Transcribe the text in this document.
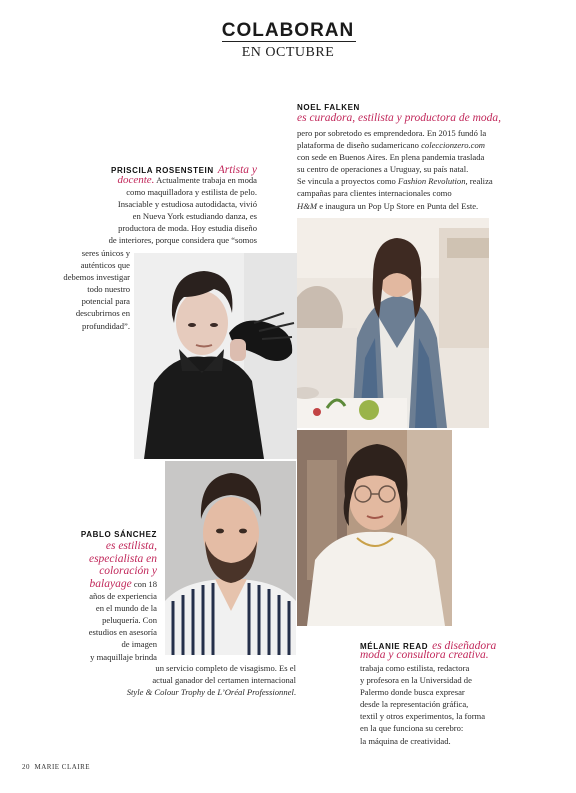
COLABORAN
EN OCTUBRE
NOEL FALKEN
es curadora, estilista y productora de moda,
pero por sobretodo es emprendedora. En 2015 fundó la
plataforma de diseño sudamericano coleccionzero.com
con sede en Buenos Aires. En plena pandemia traslada
su centro de operaciones a Uruguay, su país natal.
Se vincula a proyectos como Fashion Revolution, realiza
campañas para clientes internacionales como
H&M e inaugura un Pop Up Store en Punta del Este.
PRISCILA ROSENSTEIN Artista y
docente. Actualmente trabaja en moda
como maquilladora y estilista de pelo.
Insaciable y estudiosa autodidacta, vivió
en Nueva York estudiando danza, es
productora de moda. Hoy estudia diseño
de interiores, porque considera que “somos
seres únicos y
auténticos que
debemos investigar
todo nuestro
potencial para
descubrirnos en
profundidad”.
PABLO SÁNCHEZ
es estilista,
especialista en
coloración y
balayage con 18
años de experiencia
en el mundo de la
peluquería. Con
estudios en asesoría
de imagen
y maquillaje brinda
un servicio completo de visagismo. Es el
actual ganador del certamen internacional
Style & Colour Trophy de L’Oréal Professionnel.
MÉLANIE READ es diseñadora
moda y consultora creativa.
trabaja como estilista, redactora
y profesora en la Universidad de
Palermo donde busca expresar
desde la representación gráfica,
textil y otros experimentos, la forma
en la que funciona su cerebro:
la máquina de creatividad.
20  MARIE CLAIRE
